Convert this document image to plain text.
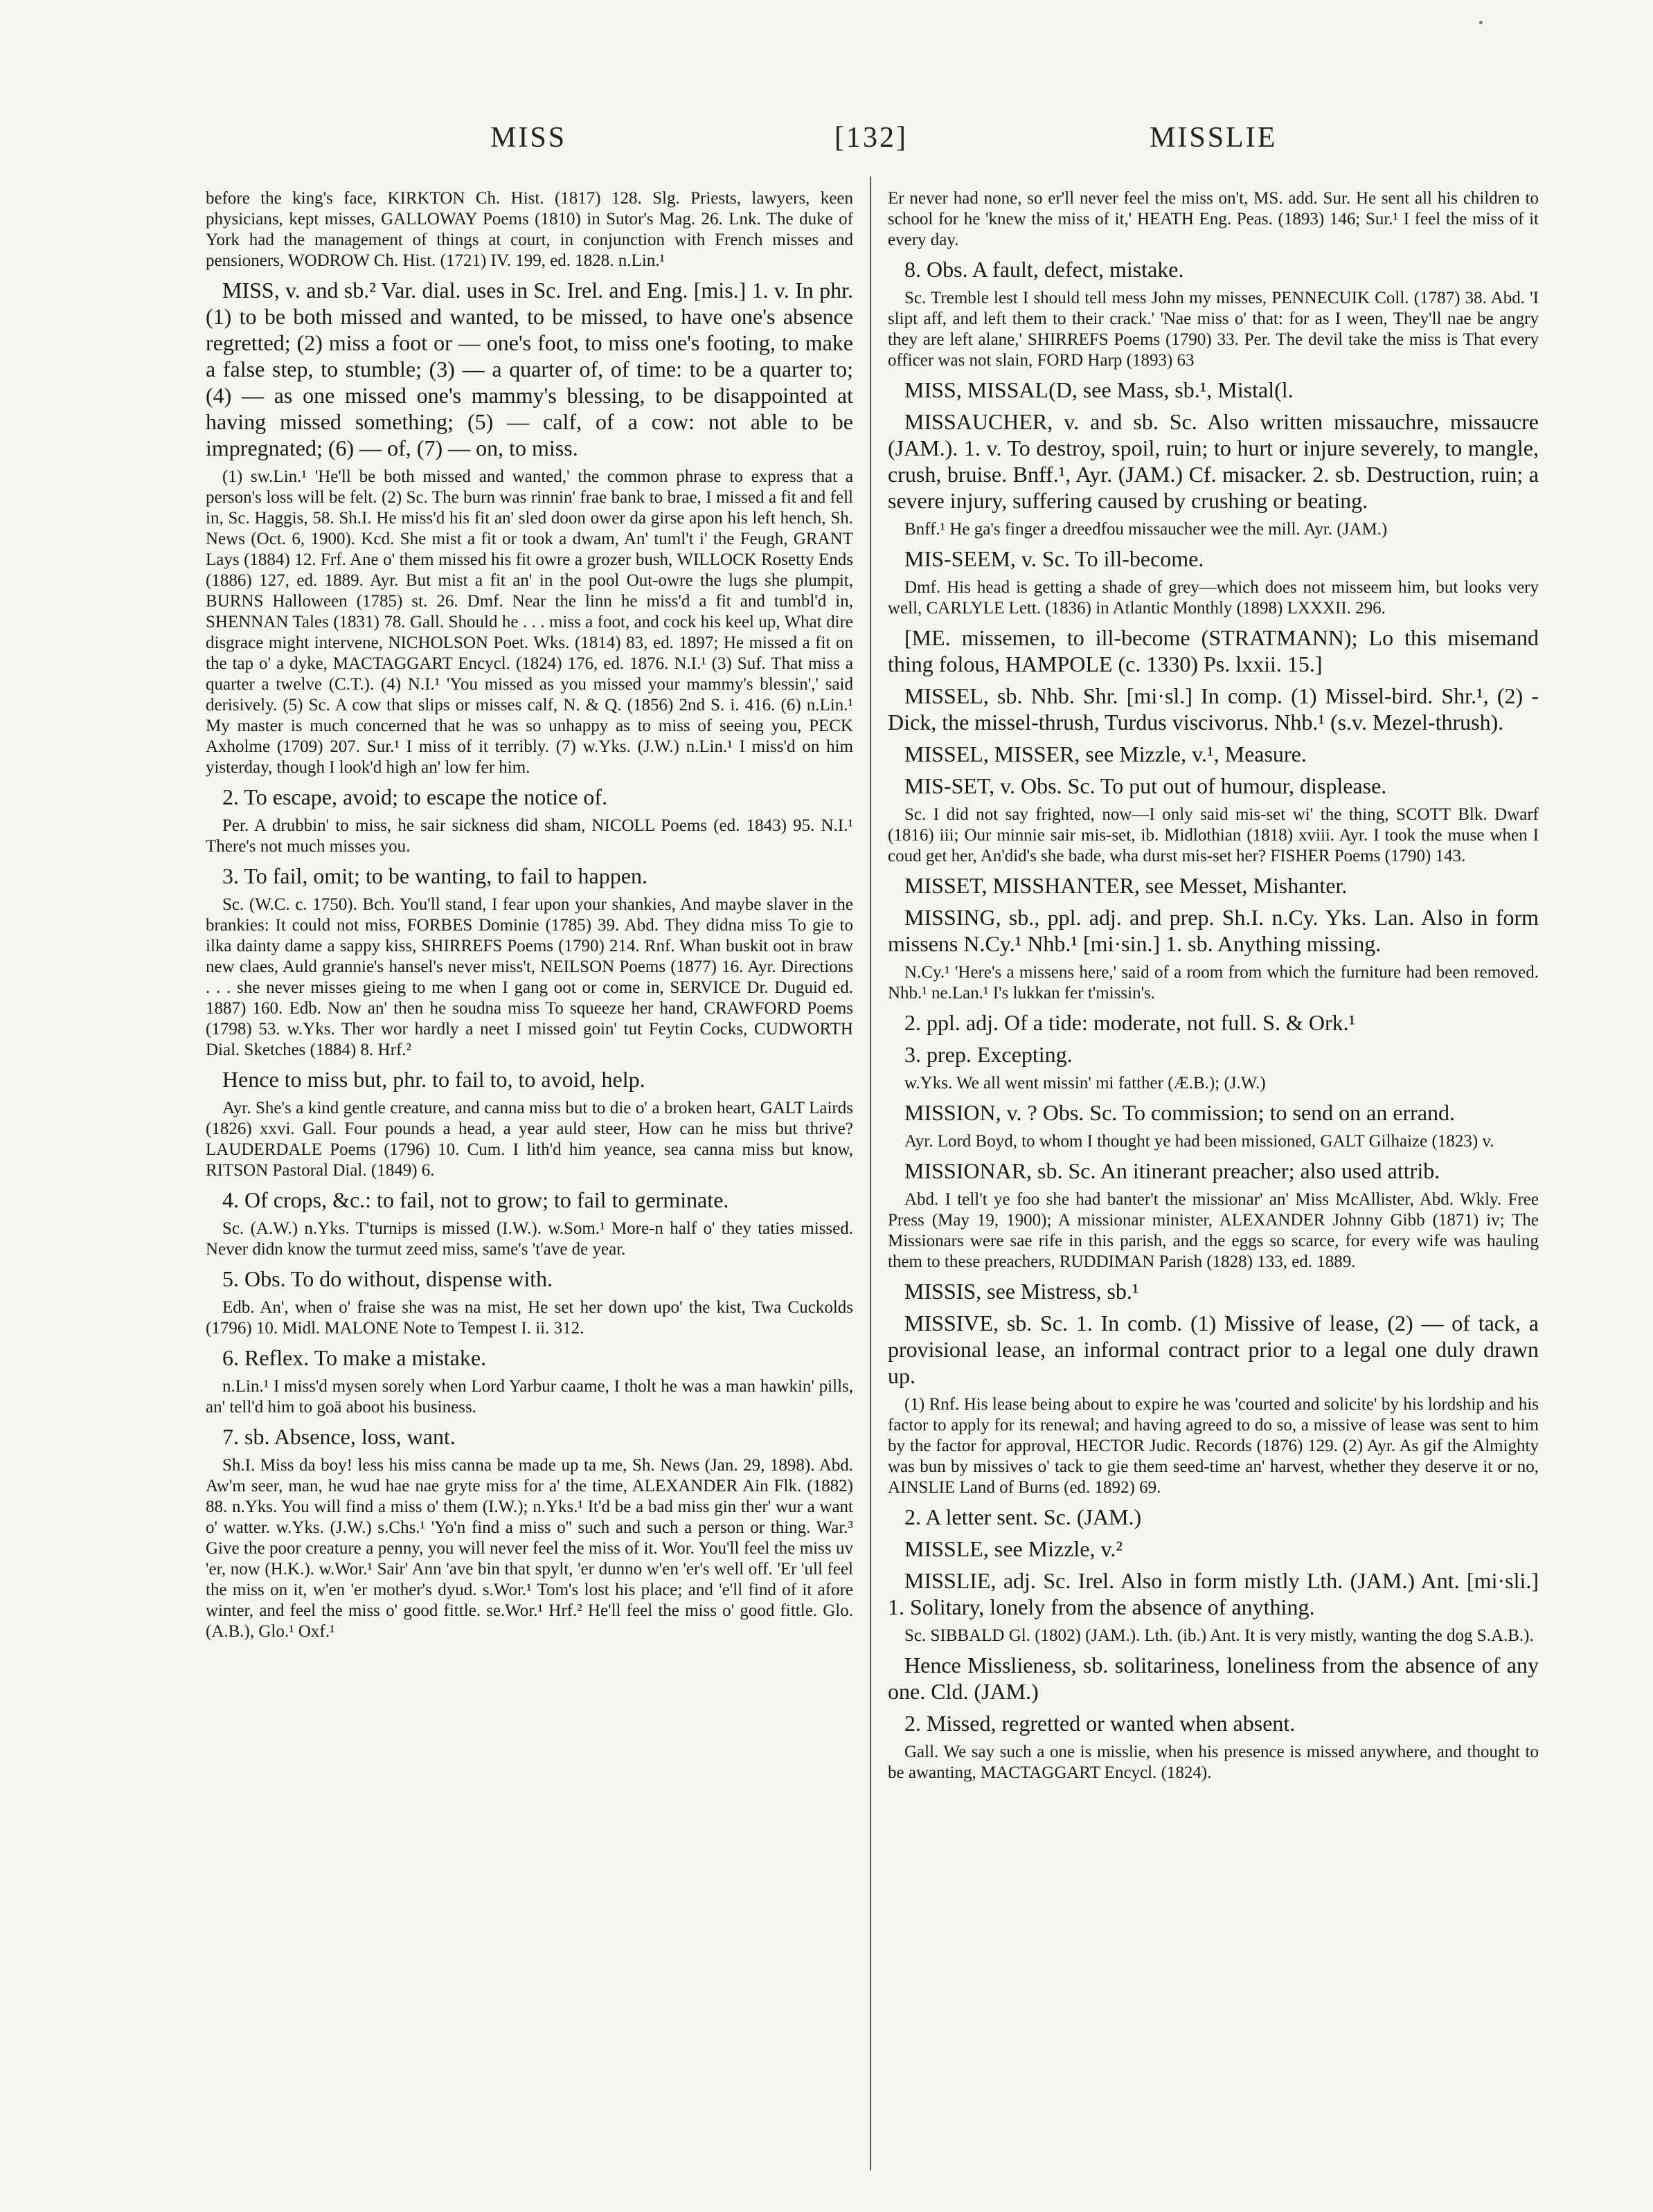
MISS	[132]	MISSLIE

before the king's face, KIRKTON Ch. Hist. (1817) 128. Slg. Priests, lawyers, keen physicians, kept misses, GALLOWAY Poems (1810) in Sutor's Mag. 26. Lnk. The duke of York had the management of things at court, in conjunction with French misses and pensioners, WODROW Ch. Hist. (1721) IV. 199, ed. 1828. n.Lin.¹

MISS, v. and sb.² Var. dial. uses in Sc. Irel. and Eng. [mis.] 1. v. In phr. (1) to be both missed and wanted, to be missed, to have one's absence regretted; (2) miss a foot or — one's foot, to miss one's footing, to make a false step, to stumble; (3) — a quarter of, of time: to be a quarter to; (4) — as one missed one's mammy's blessing, to be disappointed at having missed something; (5) — calf, of a cow: not able to be impregnated; (6) — of, (7) — on, to miss.

(1) sw.Lin.¹ 'He'll be both missed and wanted,' the common phrase to express that a person's loss will be felt. (2) Sc. The burn was rinnin' frae bank to brae, I missed a fit and fell in, Sc. Haggis, 58. Sh.I. He miss'd his fit an' sled doon ower da girse apon his left hench, Sh. News (Oct. 6, 1900). Kcd. She mist a fit or took a dwam, An' tuml't i' the Feugh, GRANT Lays (1884) 12. Frf. Ane o' them missed his fit owre a grozer bush, WILLOCK Rosetty Ends (1886) 127, ed. 1889. Ayr. But mist a fit an' in the pool Out-owre the lugs she plumpit, BURNS Halloween (1785) st. 26. Dmf. Near the linn he miss'd a fit and tumbl'd in, SHENNAN Tales (1831) 78. Gall. Should he . . . miss a foot, and cock his keel up, What dire disgrace might intervene, NICHOLSON Poet. Wks. (1814) 83, ed. 1897; He missed a fit on the tap o' a dyke, MACTAGGART Encycl. (1824) 176, ed. 1876. N.I.¹ (3) Suf. That miss a quarter a twelve (C.T.). (4) N.I.¹ 'You missed as you missed your mammy's blessin',' said derisively. (5) Sc. A cow that slips or misses calf, N. & Q. (1856) 2nd S. i. 416. (6) n.Lin.¹ My master is much concerned that he was so unhappy as to miss of seeing you, PECK Axholme (1709) 207. Sur.¹ I miss of it terribly. (7) w.Yks. (J.W.) n.Lin.¹ I miss'd on him yisterday, though I look'd high an' low fer him.

2. To escape, avoid; to escape the notice of.

Per. A drubbin' to miss, he sair sickness did sham, NICOLL Poems (ed. 1843) 95. N.I.¹ There's not much misses you.

3. To fail, omit; to be wanting, to fail to happen.

Sc. (W.C. c. 1750). Bch. You'll stand, I fear upon your shankies, And maybe slaver in the brankies: It could not miss, FORBES Dominie (1785) 39. Abd. They didna miss To gie to ilka dainty dame a sappy kiss, SHIRREFS Poems (1790) 214. Rnf. Whan buskit oot in braw new claes, Auld grannie's hansel's never miss't, NEILSON Poems (1877) 16. Ayr. Directions . . . she never misses gieing to me when I gang oot or come in, SERVICE Dr. Duguid ed. 1887) 160. Edb. Now an' then he soudna miss To squeeze her hand, CRAWFORD Poems (1798) 53. w.Yks. Ther wor hardly a neet I missed goin' tut Feytin Cocks, CUDWORTH Dial. Sketches (1884) 8. Hrf.²

Hence to miss but, phr. to fail to, to avoid, help.

Ayr. She's a kind gentle creature, and canna miss but to die o' a broken heart, GALT Lairds (1826) xxvi. Gall. Four pounds a head, a year auld steer, How can he miss but thrive? LAUDERDALE Poems (1796) 10. Cum. I lith'd him yeance, sea canna miss but know, RITSON Pastoral Dial. (1849) 6.

4. Of crops, &c.: to fail, not to grow; to fail to germinate.

Sc. (A.W.) n.Yks. T'turnips is missed (I.W.). w.Som.¹ More-n half o' they taties missed. Never didn know the turmut zeed miss, same's 't'ave de year.

5. Obs. To do without, dispense with.

Edb. An', when o' fraise she was na mist, He set her down upo' the kist, Twa Cuckolds (1796) 10. Midl. MALONE Note to Tempest I. ii. 312.

6. Reflex. To make a mistake.

n.Lin.¹ I miss'd mysen sorely when Lord Yarbur caame, I tholt he was a man hawkin' pills, an' tell'd him to goä aboot his business.

7. sb. Absence, loss, want.

Sh.I. Miss da boy! less his miss canna be made up ta me, Sh. News (Jan. 29, 1898). Abd. Aw'm seer, man, he wud hae nae gryte miss for a' the time, ALEXANDER Ain Flk. (1882) 88. n.Yks. You will find a miss o' them (I.W.); n.Yks.¹ It'd be a bad miss gin ther' wur a want o' watter. w.Yks. (J.W.) s.Chs.¹ 'Yo'n find a miss o'' such and such a person or thing. War.³ Give the poor creature a penny, you will never feel the miss of it. Wor. You'll feel the miss uv 'er, now (H.K.). w.Wor.¹ Sair' Ann 'ave bin that spylt, 'er dunno w'en 'er's well off. 'Er 'ull feel the miss on it, w'en 'er mother's dyud. s.Wor.¹ Tom's lost his place; and 'e'll find of it afore winter, and feel the miss o' good fittle. se.Wor.¹ Hrf.² He'll feel the miss o' good fittle. Glo. (A.B.), Glo.¹ Oxf.¹

Er never had none, so er'll never feel the miss on't, MS. add. Sur. He sent all his children to school for he 'knew the miss of it,' HEATH Eng. Peas. (1893) 146; Sur.¹ I feel the miss of it every day.

8. Obs. A fault, defect, mistake.

Sc. Tremble lest I should tell mess John my misses, PENNECUIK Coll. (1787) 38. Abd. 'I slipt aff, and left them to their crack.' 'Nae miss o' that: for as I ween, They'll nae be angry they are left alane,' SHIRREFS Poems (1790) 33. Per. The devil take the miss is That every officer was not slain, FORD Harp (1893) 63

MISS, MISSAL(D, see Mass, sb.¹, Mistal(l.

MISSAUCHER, v. and sb. Sc. Also written missauchre, missaucre (JAM.). 1. v. To destroy, spoil, ruin; to hurt or injure severely, to mangle, crush, bruise. Bnff.¹, Ayr. (JAM.) Cf. misacker. 2. sb. Destruction, ruin; a severe injury, suffering caused by crushing or beating.

Bnff.¹ He ga's finger a dreedfou missaucher wee the mill. Ayr. (JAM.)

MIS-SEEM, v. Sc. To ill-become.

Dmf. His head is getting a shade of grey—which does not misseem him, but looks very well, CARLYLE Lett. (1836) in Atlantic Monthly (1898) LXXXII. 296.

[ME. missemen, to ill-become (STRATMANN); Lo this misemand thing folous, HAMPOLE (c. 1330) Ps. lxxii. 15.]

MISSEL, sb. Nhb. Shr. [mi·sl.] In comp. (1) Missel-bird. Shr.¹, (2) -Dick, the missel-thrush, Turdus viscivorus. Nhb.¹ (s.v. Mezel-thrush).

MISSEL, MISSER, see Mizzle, v.¹, Measure.

MIS-SET, v. Obs. Sc. To put out of humour, displease.

Sc. I did not say frighted, now—I only said mis-set wi' the thing, SCOTT Blk. Dwarf (1816) iii; Our minnie sair mis-set, ib. Midlothian (1818) xviii. Ayr. I took the muse when I coud get her, An'did's she bade, wha durst mis-set her? FISHER Poems (1790) 143.

MISSET, MISSHANTER, see Messet, Mishanter.

MISSING, sb., ppl. adj. and prep. Sh.I. n.Cy. Yks. Lan. Also in form missens N.Cy.¹ Nhb.¹ [mi·sin.] 1. sb. Anything missing.

N.Cy.¹ 'Here's a missens here,' said of a room from which the furniture had been removed. Nhb.¹ ne.Lan.¹ I's lukkan fer t'missin's.

2. ppl. adj. Of a tide: moderate, not full. S. & Ork.¹

3. prep. Excepting.

w.Yks. We all went missin' mi fatther (Æ.B.); (J.W.)

MISSION, v. ? Obs. Sc. To commission; to send on an errand.

Ayr. Lord Boyd, to whom I thought ye had been missioned, GALT Gilhaize (1823) v.

MISSIONAR, sb. Sc. An itinerant preacher; also used attrib.

Abd. I tell't ye foo she had banter't the missionar' an' Miss McAllister, Abd. Wkly. Free Press (May 19, 1900); A missionar minister, ALEXANDER Johnny Gibb (1871) iv; The Missionars were sae rife in this parish, and the eggs so scarce, for every wife was hauling them to these preachers, RUDDIMAN Parish (1828) 133, ed. 1889.

MISSIS, see Mistress, sb.¹

MISSIVE, sb. Sc. 1. In comb. (1) Missive of lease, (2) — of tack, a provisional lease, an informal contract prior to a legal one duly drawn up.

(1) Rnf. His lease being about to expire he was 'courted and solicite' by his lordship and his factor to apply for its renewal; and having agreed to do so, a missive of lease was sent to him by the factor for approval, HECTOR Judic. Records (1876) 129. (2) Ayr. As gif the Almighty was bun by missives o' tack to gie them seed-time an' harvest, whether they deserve it or no, AINSLIE Land of Burns (ed. 1892) 69.

2. A letter sent. Sc. (JAM.)

MISSLE, see Mizzle, v.²

MISSLIE, adj. Sc. Irel. Also in form mistly Lth. (JAM.) Ant. [mi·sli.] 1. Solitary, lonely from the absence of anything.

Sc. SIBBALD Gl. (1802) (JAM.). Lth. (ib.) Ant. It is very mistly, wanting the dog S.A.B.).

Hence Misslieness, sb. solitariness, loneliness from the absence of any one. Cld. (JAM.)

2. Missed, regretted or wanted when absent.

Gall. We say such a one is misslie, when his presence is missed anywhere, and thought to be awanting, MACTAGGART Encycl. (1824).
